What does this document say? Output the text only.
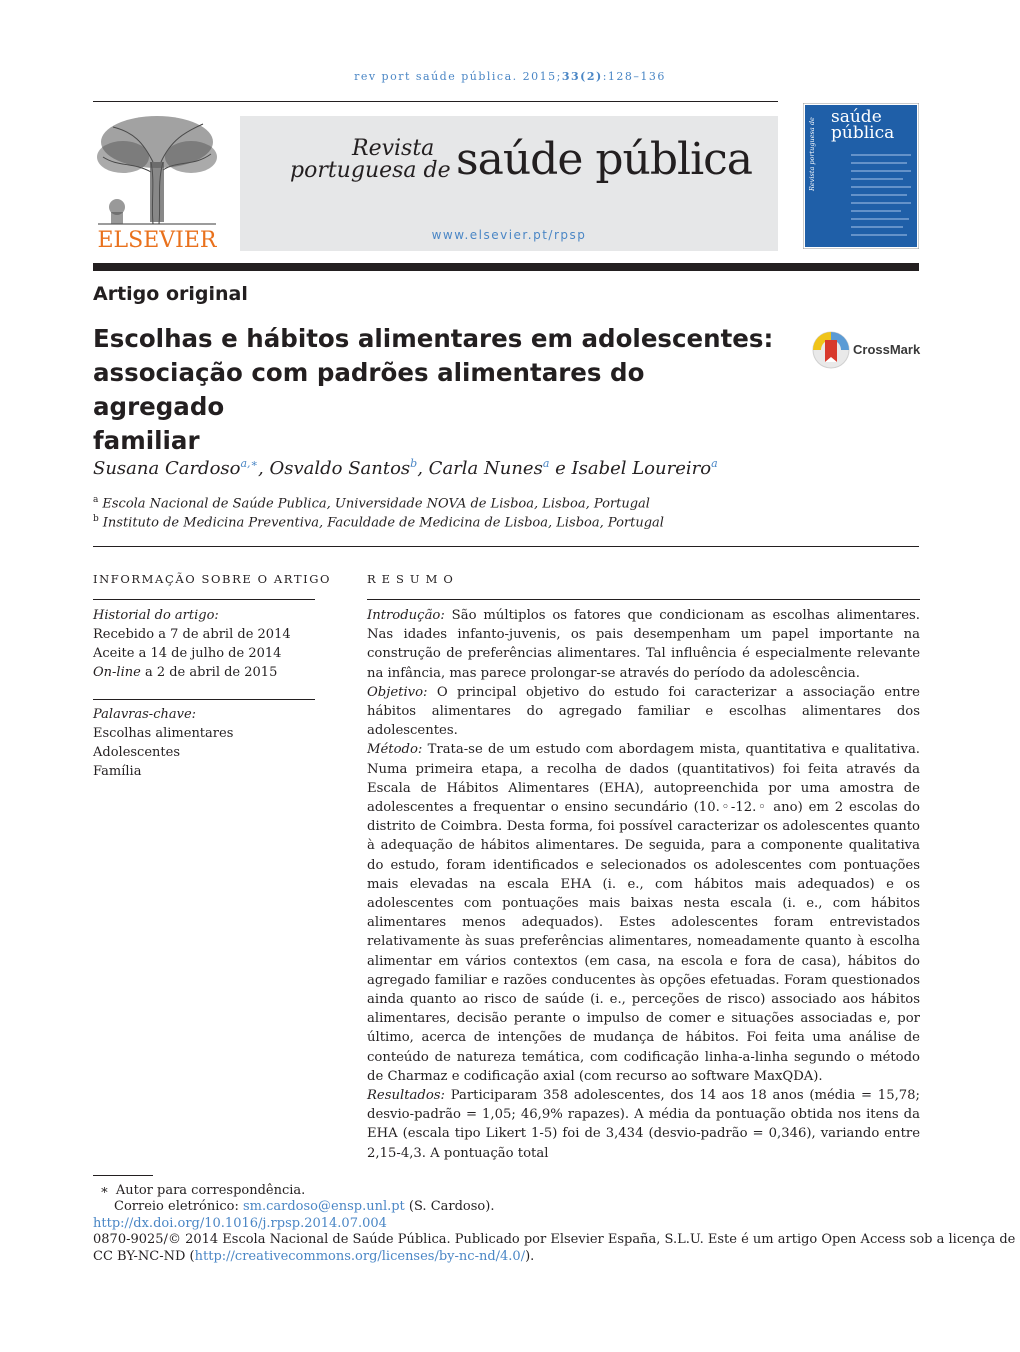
rev port saúde pública. 2015;33(2):128–136
ELSEVIER
Revista
portuguesa de saúde pública
www.elsevier.pt/rpsp
saúde
pública
Revista portuguesa de
Artigo original
Escolhas e hábitos alimentares em adolescentes:
associação com padrões alimentares do agregado
familiar
CrossMark
Susana Cardoso$^{a,∗}$, Osvaldo Santos$^b$, Carla Nunes$^a$ e Isabel Loureiro$^a$
$^a$ Escola Nacional de Saúde Publica, Universidade NOVA de Lisboa, Lisboa, Portugal
$^b$ Instituto de Medicina Preventiva, Faculdade de Medicina de Lisboa, Lisboa, Portugal
INFORMAÇÃO SOBRE O ARTIGO
Historial do artigo:
Recebido a 7 de abril de 2014
Aceite a 14 de julho de 2014
On-line a 2 de abril de 2015
Palavras-chave:
Escolhas alimentares
Adolescentes
Família
RESUMO

Introdução: São múltiplos os fatores que condicionam as escolhas alimentares. Nas idades infanto-juvenis, os pais desempenham um papel importante na construção de preferências alimentares. Tal influência é especialmente relevante na infância, mas parece prolongar-se através do período da adolescência.

Objetivo: O principal objetivo do estudo foi caracterizar a associação entre hábitos alimentares do agregado familiar e escolhas alimentares dos adolescentes.

Método: Trata-se de um estudo com abordagem mista, quantitativa e qualitativa. Numa primeira etapa, a recolha de dados (quantitativos) foi feita através da Escala de Hábitos Alimentares (EHA), autopreenchida por uma amostra de adolescentes a frequentar o ensino secundário (10.◦-12.◦ ano) em 2 escolas do distrito de Coimbra. Desta forma, foi possível caracterizar os adolescentes quanto à adequação de hábitos alimentares. De seguida, para a componente qualitativa do estudo, foram identificados e selecionados os adolescentes com pontuações mais elevadas na escala EHA (i. e., com hábitos mais adequados) e os adolescentes com pontuações mais baixas nesta escala (i. e., com hábitos alimentares menos adequados). Estes adolescentes foram entrevistados relativamente às suas preferências alimentares, nomeadamente quanto à escolha alimentar em vários contextos (em casa, na escola e fora de casa), hábitos do agregado familiar e razões conducentes às opções efetuadas. Foram questionados ainda quanto ao risco de saúde (i. e., perceções de risco) associado aos hábitos alimentares, decisão perante o impulso de comer e situações associadas e, por último, acerca de intenções de mudança de hábitos. Foi feita uma análise de conteúdo de natureza temática, com codificação linha-a-linha segundo o método de Charmaz e codificação axial (com recurso ao software MaxQDA).

Resultados: Participaram 358 adolescentes, dos 14 aos 18 anos (média = 15,78; desvio-padrão = 1,05; 46,9% rapazes). A média da pontuação obtida nos itens da EHA (escala tipo Likert 1-5) foi de 3,434 (desvio-padrão = 0,346), variando entre 2,15-4,3. A pontuação total

∗ Autor para correspondência.
Correio eletrónico: sm.cardoso@ensp.unl.pt (S. Cardoso).
http://dx.doi.org/10.1016/j.rpsp.2014.07.004
0870-9025/© 2014 Escola Nacional de Saúde Pública. Publicado por Elsevier España, S.L.U. Este é um artigo Open Access sob a licença de
CC BY-NC-ND (http://creativecommons.org/licenses/by-nc-nd/4.0/).
